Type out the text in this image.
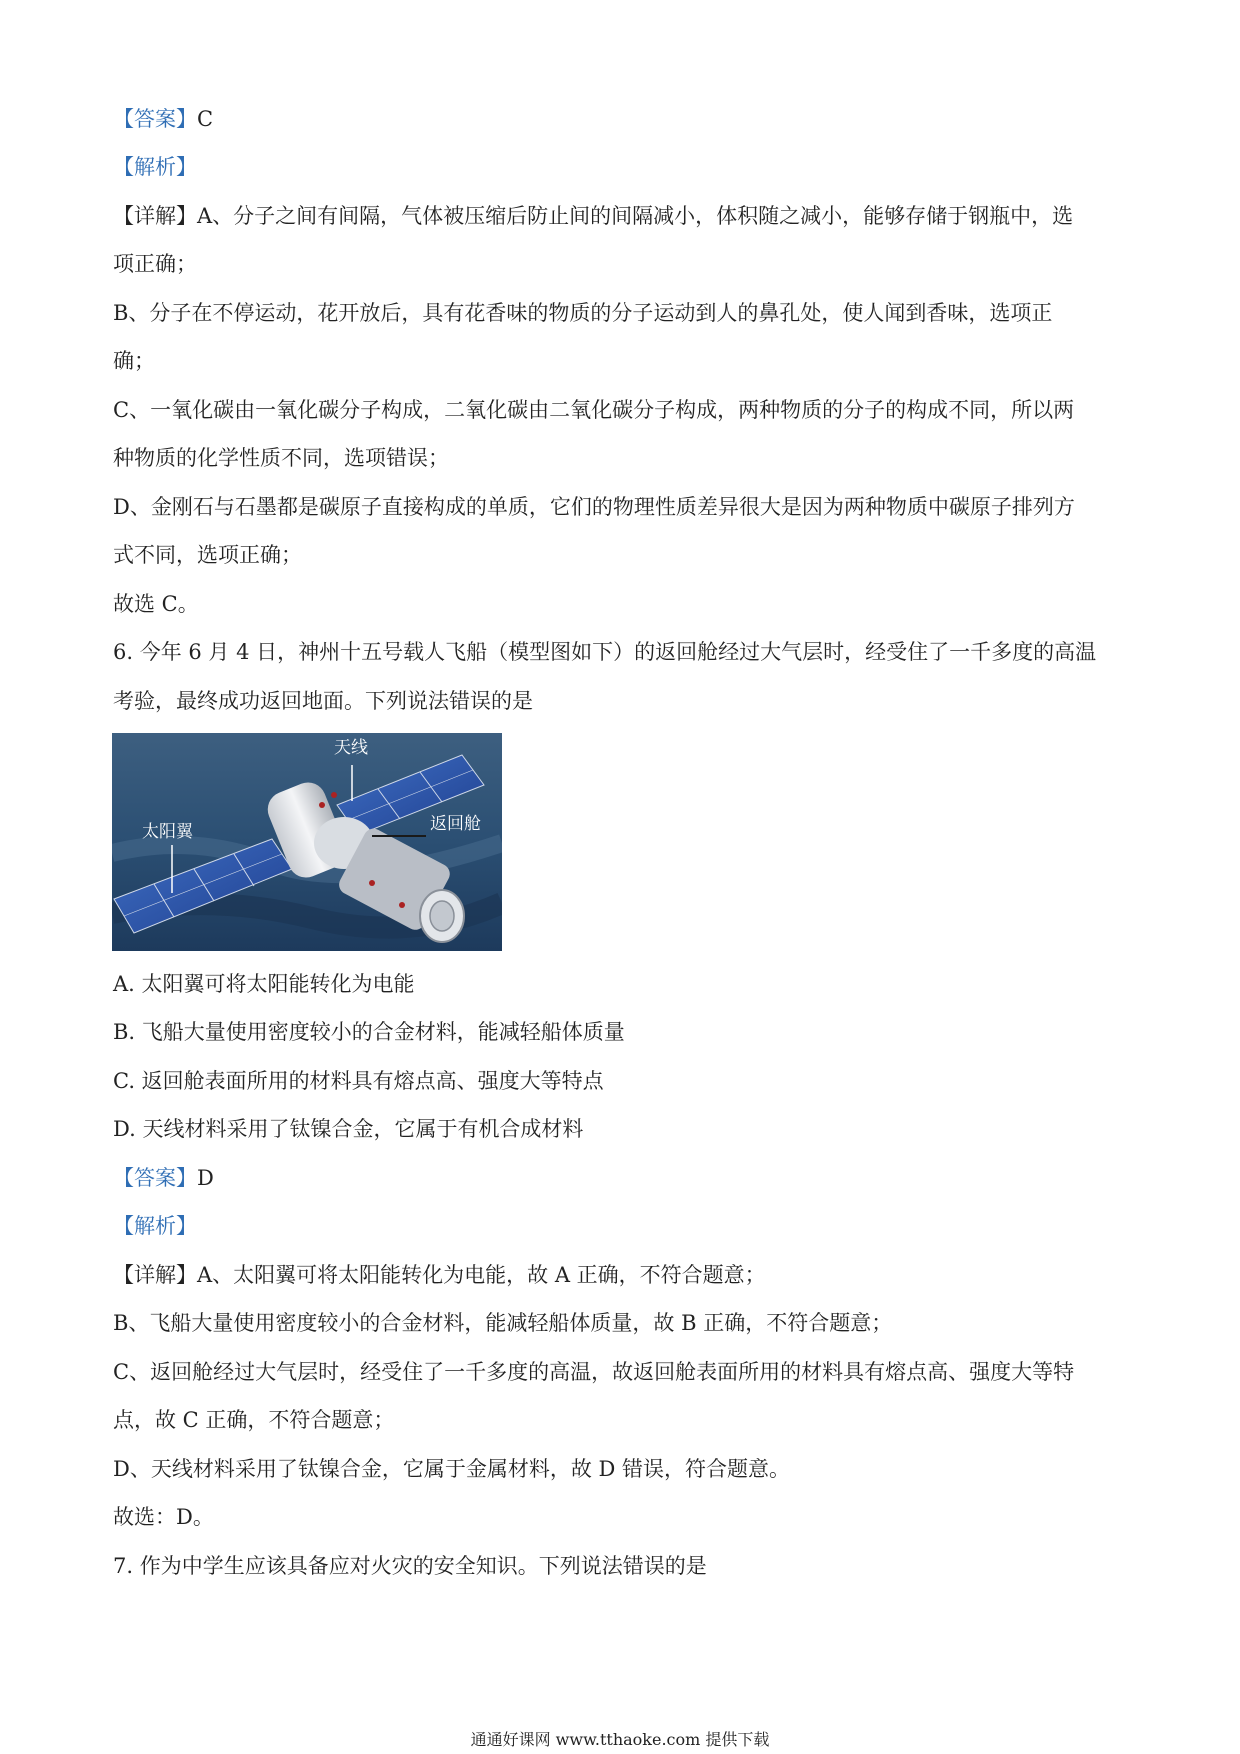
【答案】C
【解析】
【详解】A、分子之间有间隔，气体被压缩后防止间的间隔减小，体积随之减小，能够存储于钢瓶中，选
项正确；
B、分子在不停运动，花开放后，具有花香味的物质的分子运动到人的鼻孔处，使人闻到香味，选项正
确；
C、一氧化碳由一氧化碳分子构成，二氧化碳由二氧化碳分子构成，两种物质的分子的构成不同，所以两
种物质的化学性质不同，选项错误；
D、金刚石与石墨都是碳原子直接构成的单质，它们的物理性质差异很大是因为两种物质中碳原子排列方
式不同，选项正确；
故选 C。
6. 今年 6 月 4 日，神州十五号载人飞船（模型图如下）的返回舱经过大气层时，经受住了一千多度的高温
考验，最终成功返回地面。下列说法错误的是
天线
返回舱
太阳翼
A. 太阳翼可将太阳能转化为电能
B. 飞船大量使用密度较小的合金材料，能减轻船体质量
C. 返回舱表面所用的材料具有熔点高、强度大等特点
D. 天线材料采用了钛镍合金，它属于有机合成材料
【答案】D
【解析】
【详解】A、太阳翼可将太阳能转化为电能，故 A 正确，不符合题意；
B、飞船大量使用密度较小的合金材料，能减轻船体质量，故 B 正确，不符合题意；
C、返回舱经过大气层时，经受住了一千多度的高温，故返回舱表面所用的材料具有熔点高、强度大等特
点，故 C 正确，不符合题意；
D、天线材料采用了钛镍合金，它属于金属材料，故 D 错误，符合题意。
故选：D。
7. 作为中学生应该具备应对火灾的安全知识。下列说法错误的是
通通好课网 www.tthaoke.com 提供下载
